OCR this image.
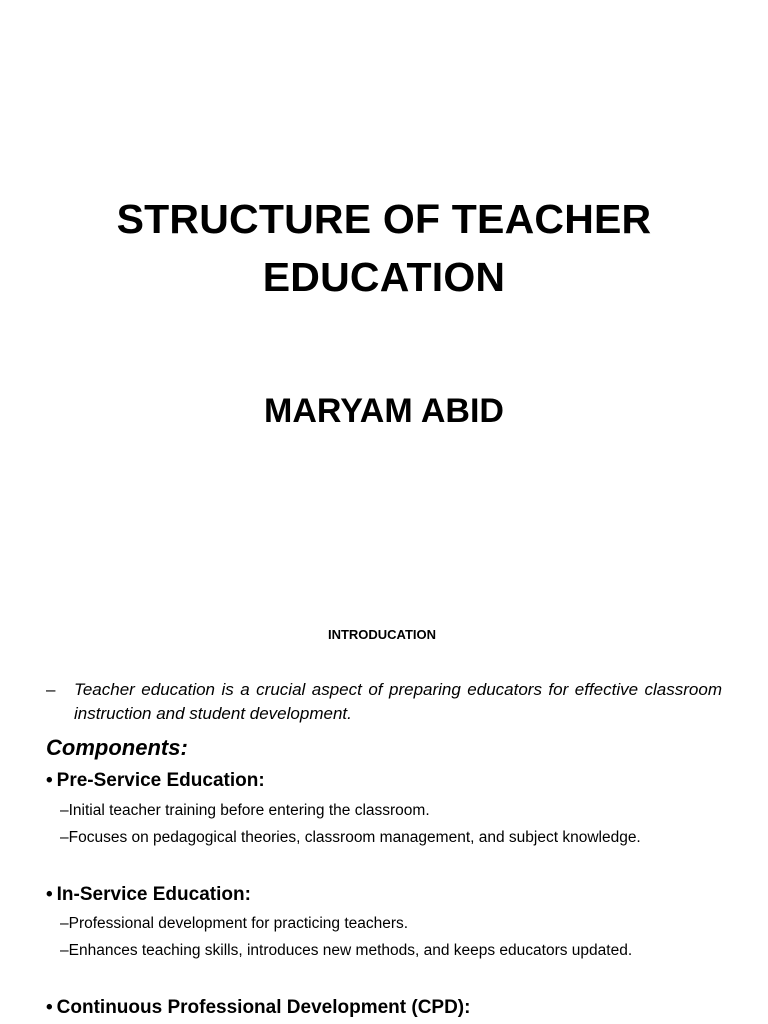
STRUCTURE OF TEACHER
EDUCATION
MARYAM ABID
INTRODUCATION
– Teacher education is a crucial aspect of preparing educators for effective classroom instruction and student development.
Components:
• Pre-Service Education:
–Initial teacher training before entering the classroom.
–Focuses on pedagogical theories, classroom management, and subject knowledge.
• In-Service Education:
–Professional development for practicing teachers.
–Enhances teaching skills, introduces new methods, and keeps educators updated.
• Continuous Professional Development (CPD):
